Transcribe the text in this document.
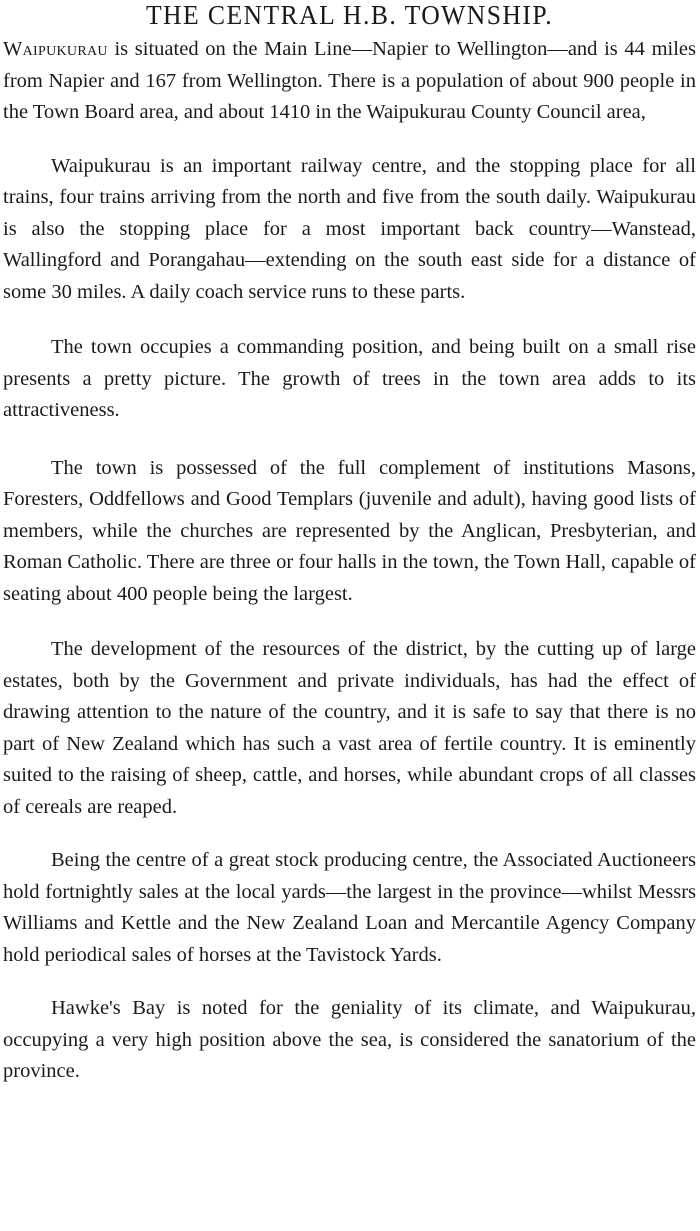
THE CENTRAL H.B. TOWNSHIP.

Waipukurau is situated on the Main Line—Napier to Wellington—and is 44 miles from Napier and 167 from Wellington. There is a population of about 900 people in the Town Board area, and about 1410 in the Waipukurau County Council area,

Waipukurau is an important railway centre, and the stopping place for all trains, four trains arriving from the north and five from the south daily. Waipukurau is also the stopping place for a most important back country—Wanstead, Wallingford and Porangahau—extending on the south east side for a distance of some 30 miles. A daily coach service runs to these parts.

The town occupies a commanding position, and being built on a small rise presents a pretty picture. The growth of trees in the town area adds to its attractiveness.

The town is possessed of the full complement of institutions Masons, Foresters, Oddfellows and Good Templars (juvenile and adult), having good lists of members, while the churches are represented by the Anglican, Presbyterian, and Roman Catholic. There are three or four halls in the town, the Town Hall, capable of seating about 400 people being the largest.

The development of the resources of the district, by the cutting up of large estates, both by the Government and private individuals, has had the effect of drawing attention to the nature of the country, and it is safe to say that there is no part of New Zealand which has such a vast area of fertile country. It is eminently suited to the raising of sheep, cattle, and horses, while abundant crops of all classes of cereals are reaped.

Being the centre of a great stock producing centre, the Associated Auctioneers hold fortnightly sales at the local yards—the largest in the province—whilst Messrs Williams and Kettle and the New Zealand Loan and Mercantile Agency Company hold periodical sales of horses at the Tavistock Yards.

Hawke's Bay is noted for the geniality of its climate, and Waipukurau, occupying a very high position above the sea, is considered the sanatorium of the province.
